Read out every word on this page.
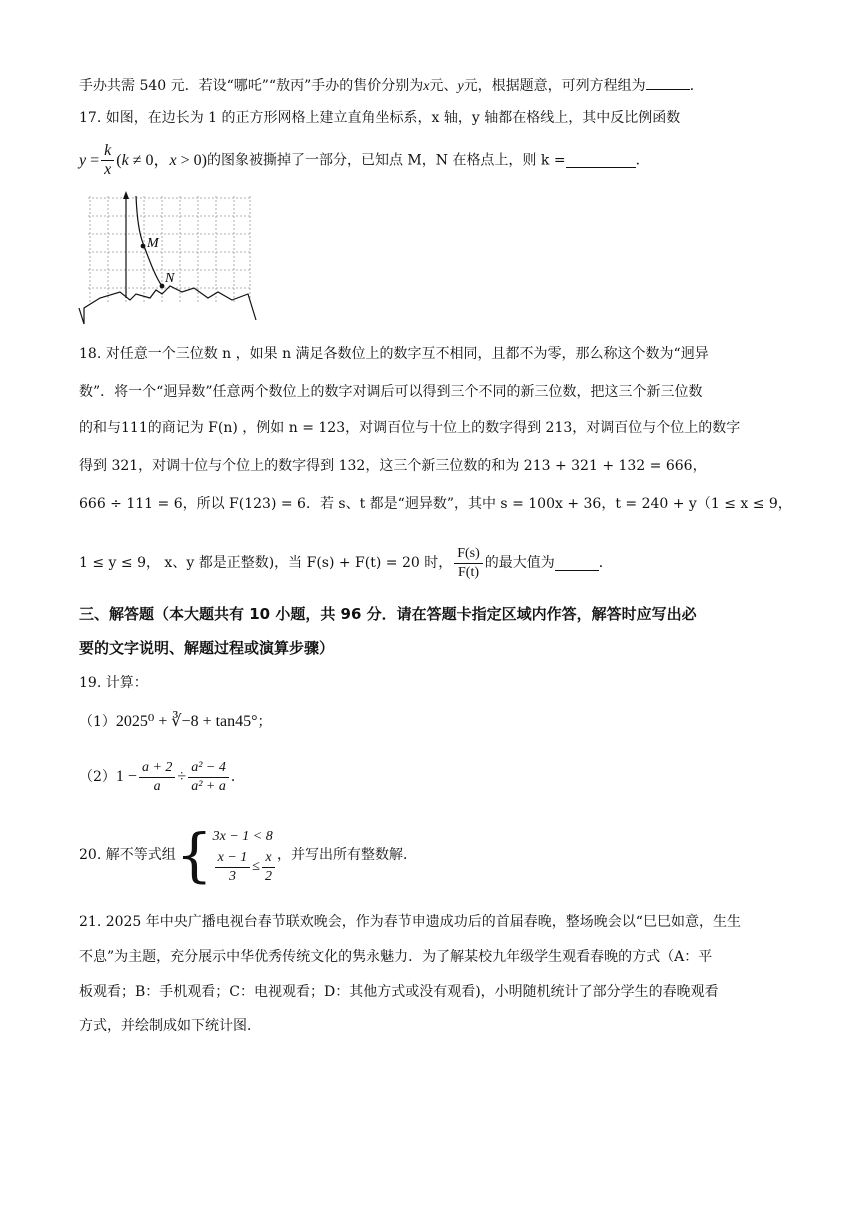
手办共需 540 元．若设“哪吒”“敖丙”手办的售价分别为x元、y元，根据题意，可列方程组为	．
17. 如图，在边长为 1 的正方形网格上建立直角坐标系，x 轴，y 轴都在格线上，其中反比例函数
$y = \frac{k}{x}$ ( k ≠ 0， x > 0)的图象被撕掉了一部分，已知点 M，N 在格点上，则 k =	．
M
N
18. 对任意一个三位数 n ，如果 n 满足各数位上的数字互不相同，且都不为零，那么称这个数为“迥异
数”．将一个“迥异数”任意两个数位上的数字对调后可以得到三个不同的新三位数，把这三个新三位数
的和与111的商记为 F(n) ，例如 n = 123，对调百位与十位上的数字得到 213，对调百位与个位上的数字
得到 321，对调十位与个位上的数字得到 132，这三个新三位数的和为 213 + 321 + 132 = 666，
666 ÷ 111 = 6，所以 F(123) = 6．若 s、t 都是“迥异数”，其中 s = 100x + 36，t = 240 + y（1 ≤ x ≤ 9，
1 ≤ y ≤ 9， x、y 都是正整数)，当 F(s) + F(t) = 20 时， $\frac{F(s)}{F(t)}$ 的最大值为	．
三、解答题（本大题共有 10 小题，共 96 分．请在答题卡指定区域内作答，解答时应写出必
要的文字说明、解题过程或演算步骤）
19. 计算：
（1）2025⁰ + ∛−8 + tan45°；
（2） $1 - \frac{a + 2}{a} \div \frac{\text{a² − 4}}{\text{a² + a}}$ ．
20. 解不等式组 { 3x − 1 < 8
$\frac{x - 1}{3} \le \frac{x}{2}$ ，并写出所有整数解．
21. 2025 年中央广播电视台春节联欢晚会，作为春节申遗成功后的首届春晚，整场晚会以“巳巳如意，生生
不息”为主题，充分展示中华优秀传统文化的隽永魅力．为了解某校九年级学生观看春晚的方式（A：平
板观看；B：手机观看；C：电视观看；D：其他方式或没有观看)，小明随机统计了部分学生的春晚观看
方式，并绘制成如下统计图．
